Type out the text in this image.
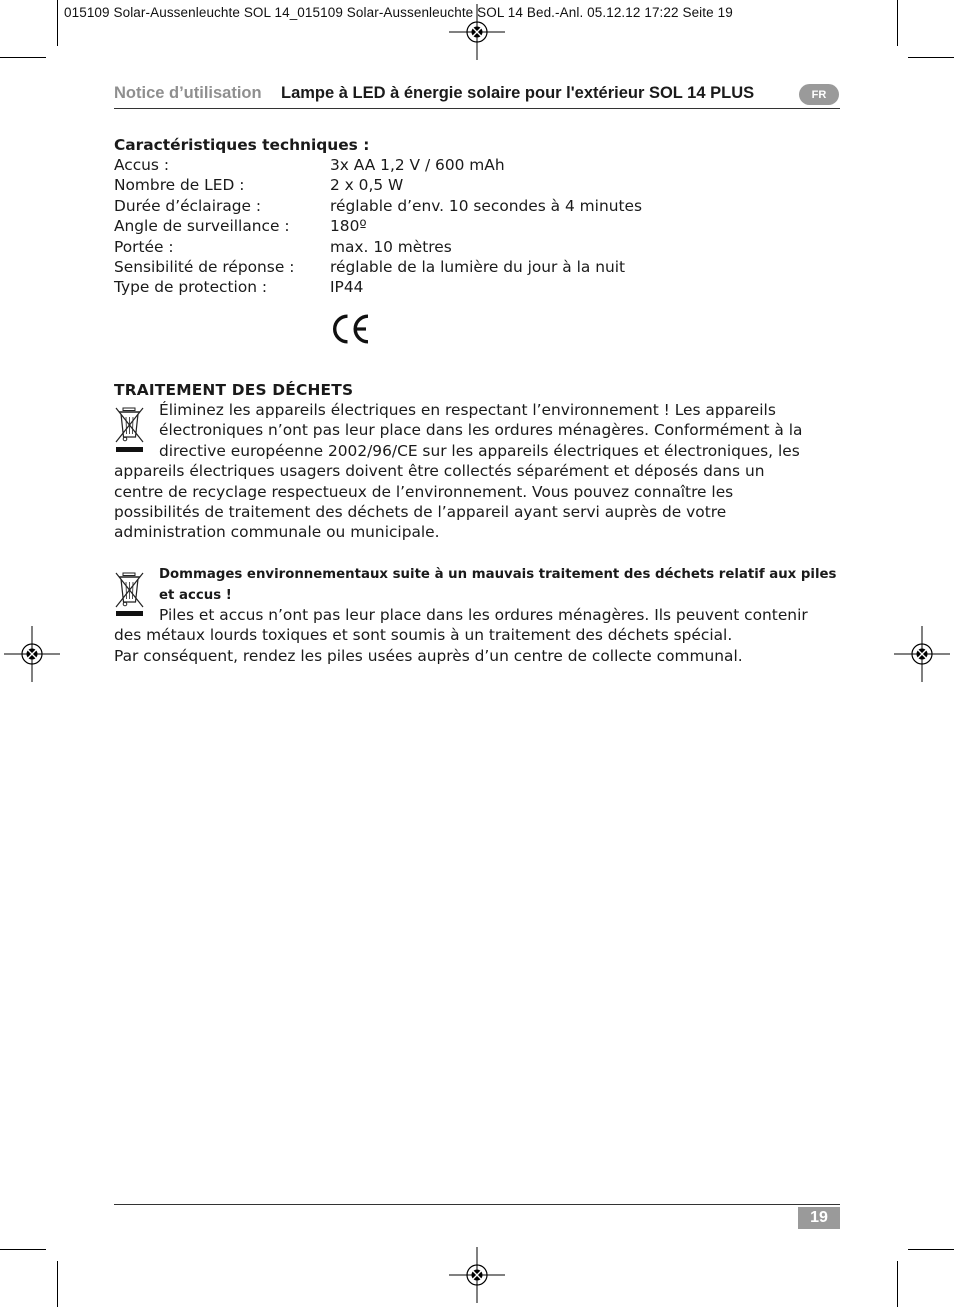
015109 Solar-Aussenleuchte SOL 14_015109 Solar-Aussenleuchte SOL 14 Bed.-Anl. 05.12.12 17:22 Seite 19
Notice d’utilisation Lampe à LED à énergie solaire pour l'extérieur SOL 14 PLUS	FR
Caractéristiques techniques :
Accus :	3x AA 1,2 V / 600 mAh
Nombre de LED :	2 x 0,5 W
Durée d’éclairage :	réglable d’env. 10 secondes à 4 minutes
Angle de surveillance :	180º
Portée :	max. 10 mètres
Sensibilité de réponse : réglable de la lumière du jour à la nuit
Type de protection :	IP44
TRAITEMENT DES DÉCHETS
Éliminez les appareils électriques en respectant l’environnement ! Les appareils
électroniques n’ont pas leur place dans les ordures ménagères. Conformément à la
directive européenne 2002/96/CE sur les appareils électriques et électroniques, les
appareils électriques usagers doivent être collectés séparément et déposés dans un
centre de recyclage respectueux de l’environnement. Vous pouvez connaître les
possibilités de traitement des déchets de l’appareil ayant servi auprès de votre
administration communale ou municipale.
Dommages environnementaux suite à un mauvais traitement des déchets relatif aux piles
et accus !
Piles et accus n’ont pas leur place dans les ordures ménagères. Ils peuvent contenir
des métaux lourds toxiques et sont soumis à un traitement des déchets spécial.
Par conséquent, rendez les piles usées auprès d’un centre de collecte communal.
19
